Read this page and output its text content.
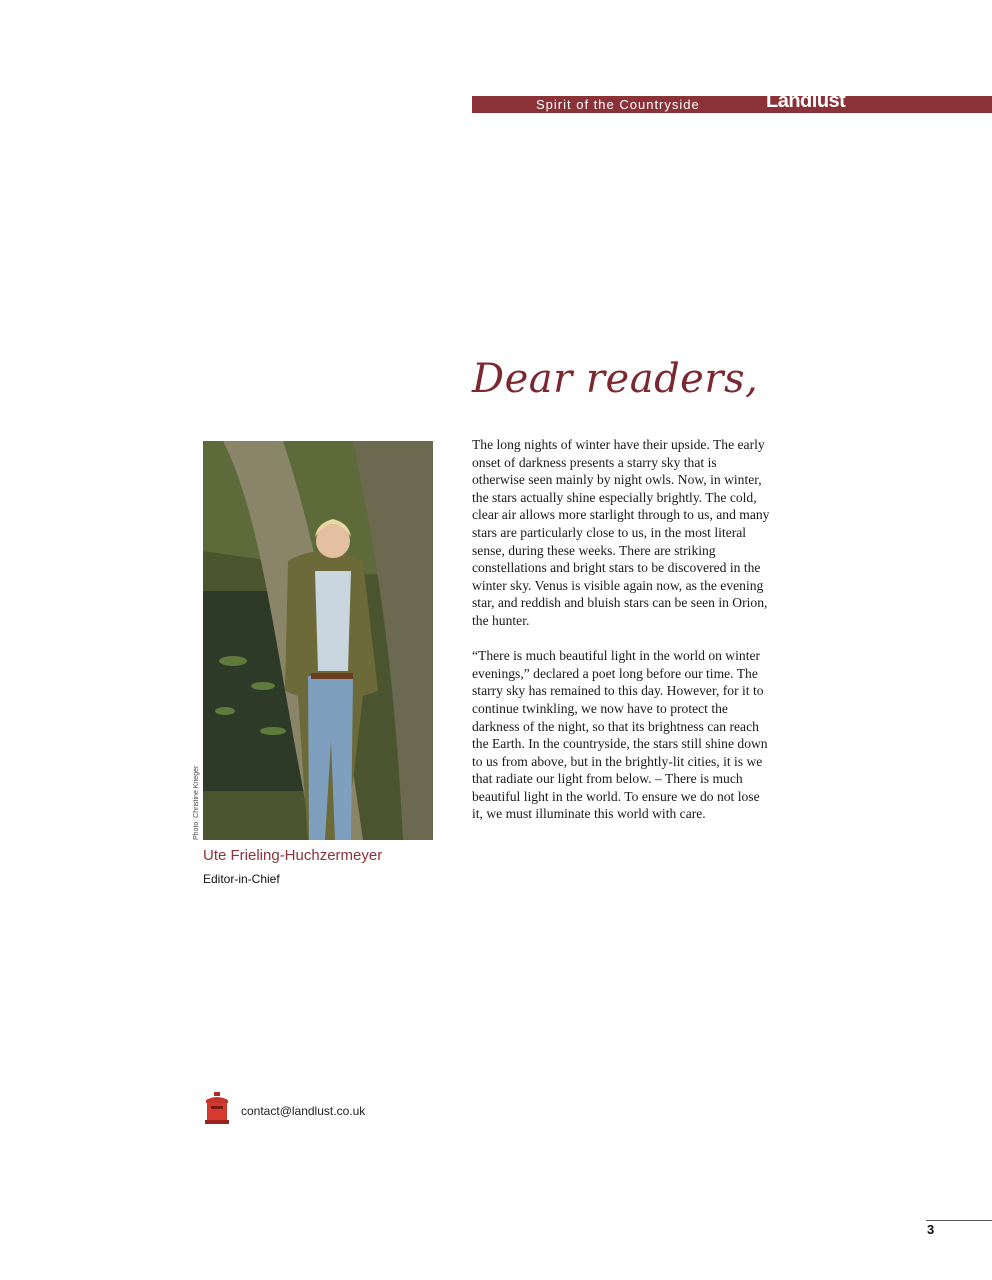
Spirit of the Countryside	Landlust
Dear readers,
Photo: Christine Krieger
Ute Frieling-Huchzermeyer
Editor-in-Chief

The long nights of winter have their upside. The early onset of darkness presents a starry sky that is otherwise seen mainly by night owls. Now, in winter, the stars actually shine especially brightly. The cold, clear air allows more starlight through to us, and many stars are particularly close to us, in the most literal sense, during these weeks. There are striking constellations and bright stars to be discovered in the winter sky. Venus is visible again now, as the evening star, and reddish and bluish stars can be seen in Orion, the hunter.

“There is much beautiful light in the world on winter evenings,” declared a poet long before our time. The starry sky has remained to this day. However, for it to continue twinkling, we now have to protect the darkness of the night, so that its brightness can reach the Earth. In the countryside, the stars still shine down to us from above, but in the brightly-lit cities, it is we that radiate our light from below. – There is much beautiful light in the world. To ensure we do not lose it, we must illuminate this world with care.

contact@landlust.co.uk
3
